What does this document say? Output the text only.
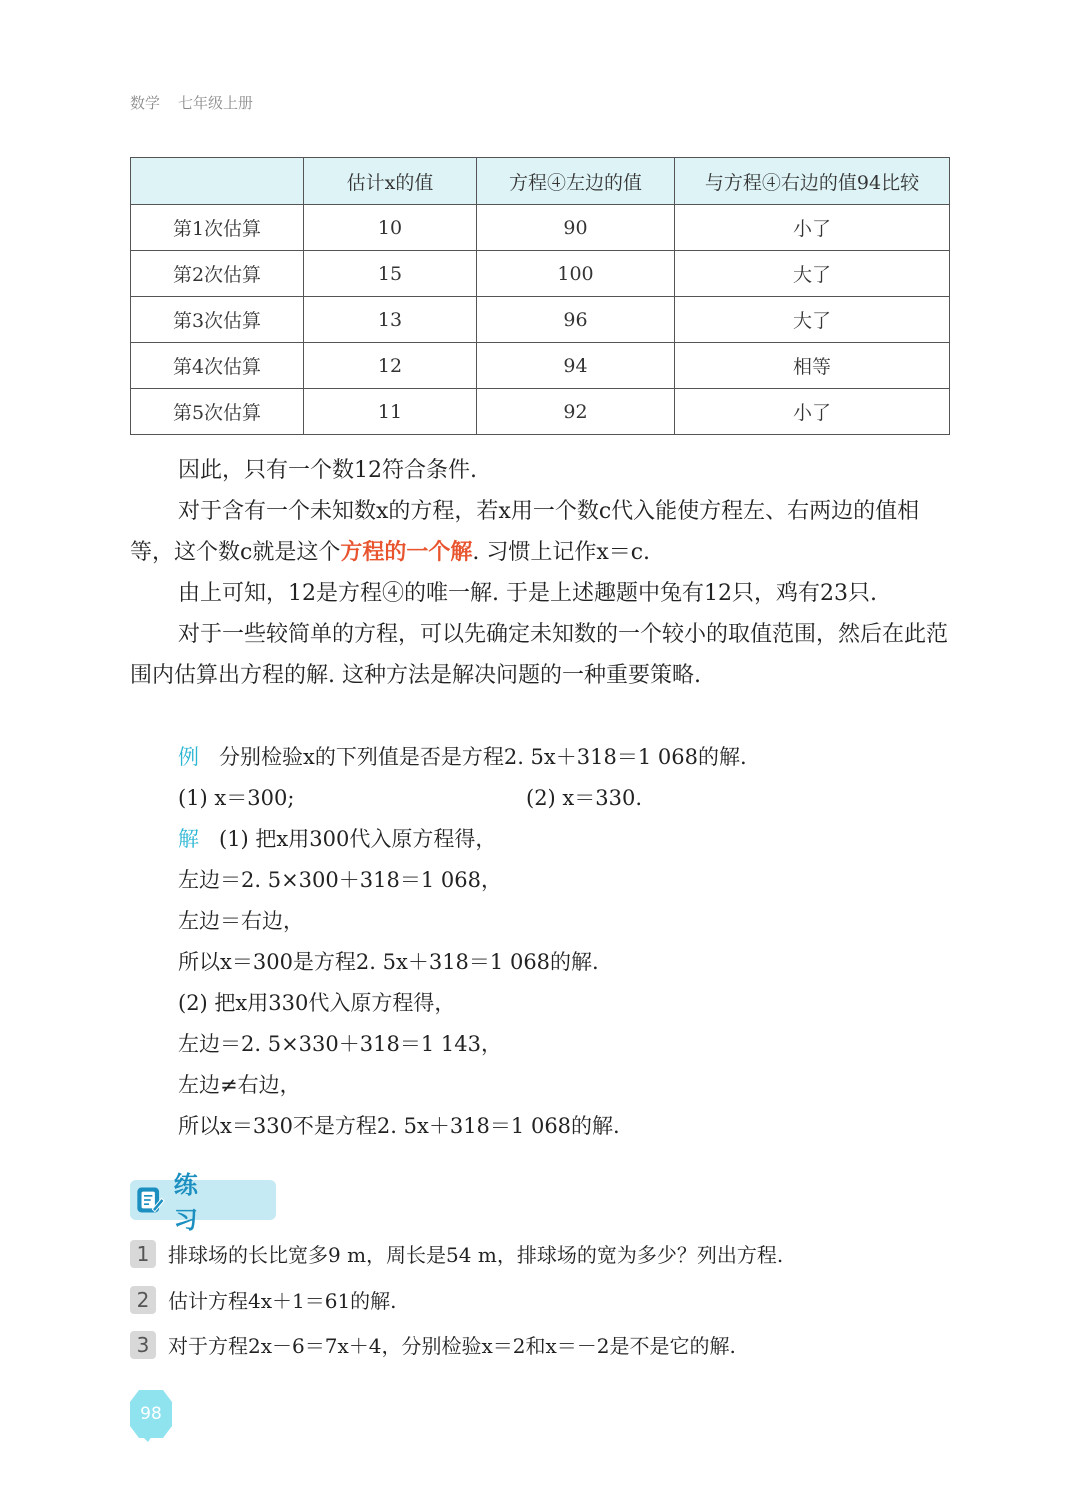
数学 七年级上册
	估计x的值	方程④左边的值	与方程④右边的值94比较
第1次估算	10	90	小了
第2次估算	15	100	大了
第3次估算	13	96	大了
第4次估算	12	94	相等
第5次估算	11	92	小了

因此，只有一个数12符合条件.

对于含有一个未知数x的方程，若x用一个数c代入能使方程左、右两边的值相等，这个数c就是这个方程的一个解. 习惯上记作x＝c.

由上可知，12是方程④的唯一解. 于是上述趣题中兔有12只，鸡有23只.

对于一些较简单的方程，可以先确定未知数的一个较小的取值范围，然后在此范围内估算出方程的解. 这种方法是解决问题的一种重要策略.

例 分别检验x的下列值是否是方程2. 5x＋318＝1 068的解.

(1) x＝300;	(2) x＝330.

解 (1) 把x用300代入原方程得，

左边＝2. 5×300＋318＝1 068，

左边＝右边，

所以x＝300是方程2. 5x＋318＝1 068的解.

(2) 把x用330代入原方程得，

左边＝2. 5×330＋318＝1 143，

左边≠右边，

所以x＝330不是方程2. 5x＋318＝1 068的解.

练 习
1 排球场的长比宽多9 m，周长是54 m，排球场的宽为多少？列出方程.
2 估计方程4x＋1＝61的解.
3 对于方程2x－6＝7x＋4，分别检验x＝2和x＝－2是不是它的解.
98
